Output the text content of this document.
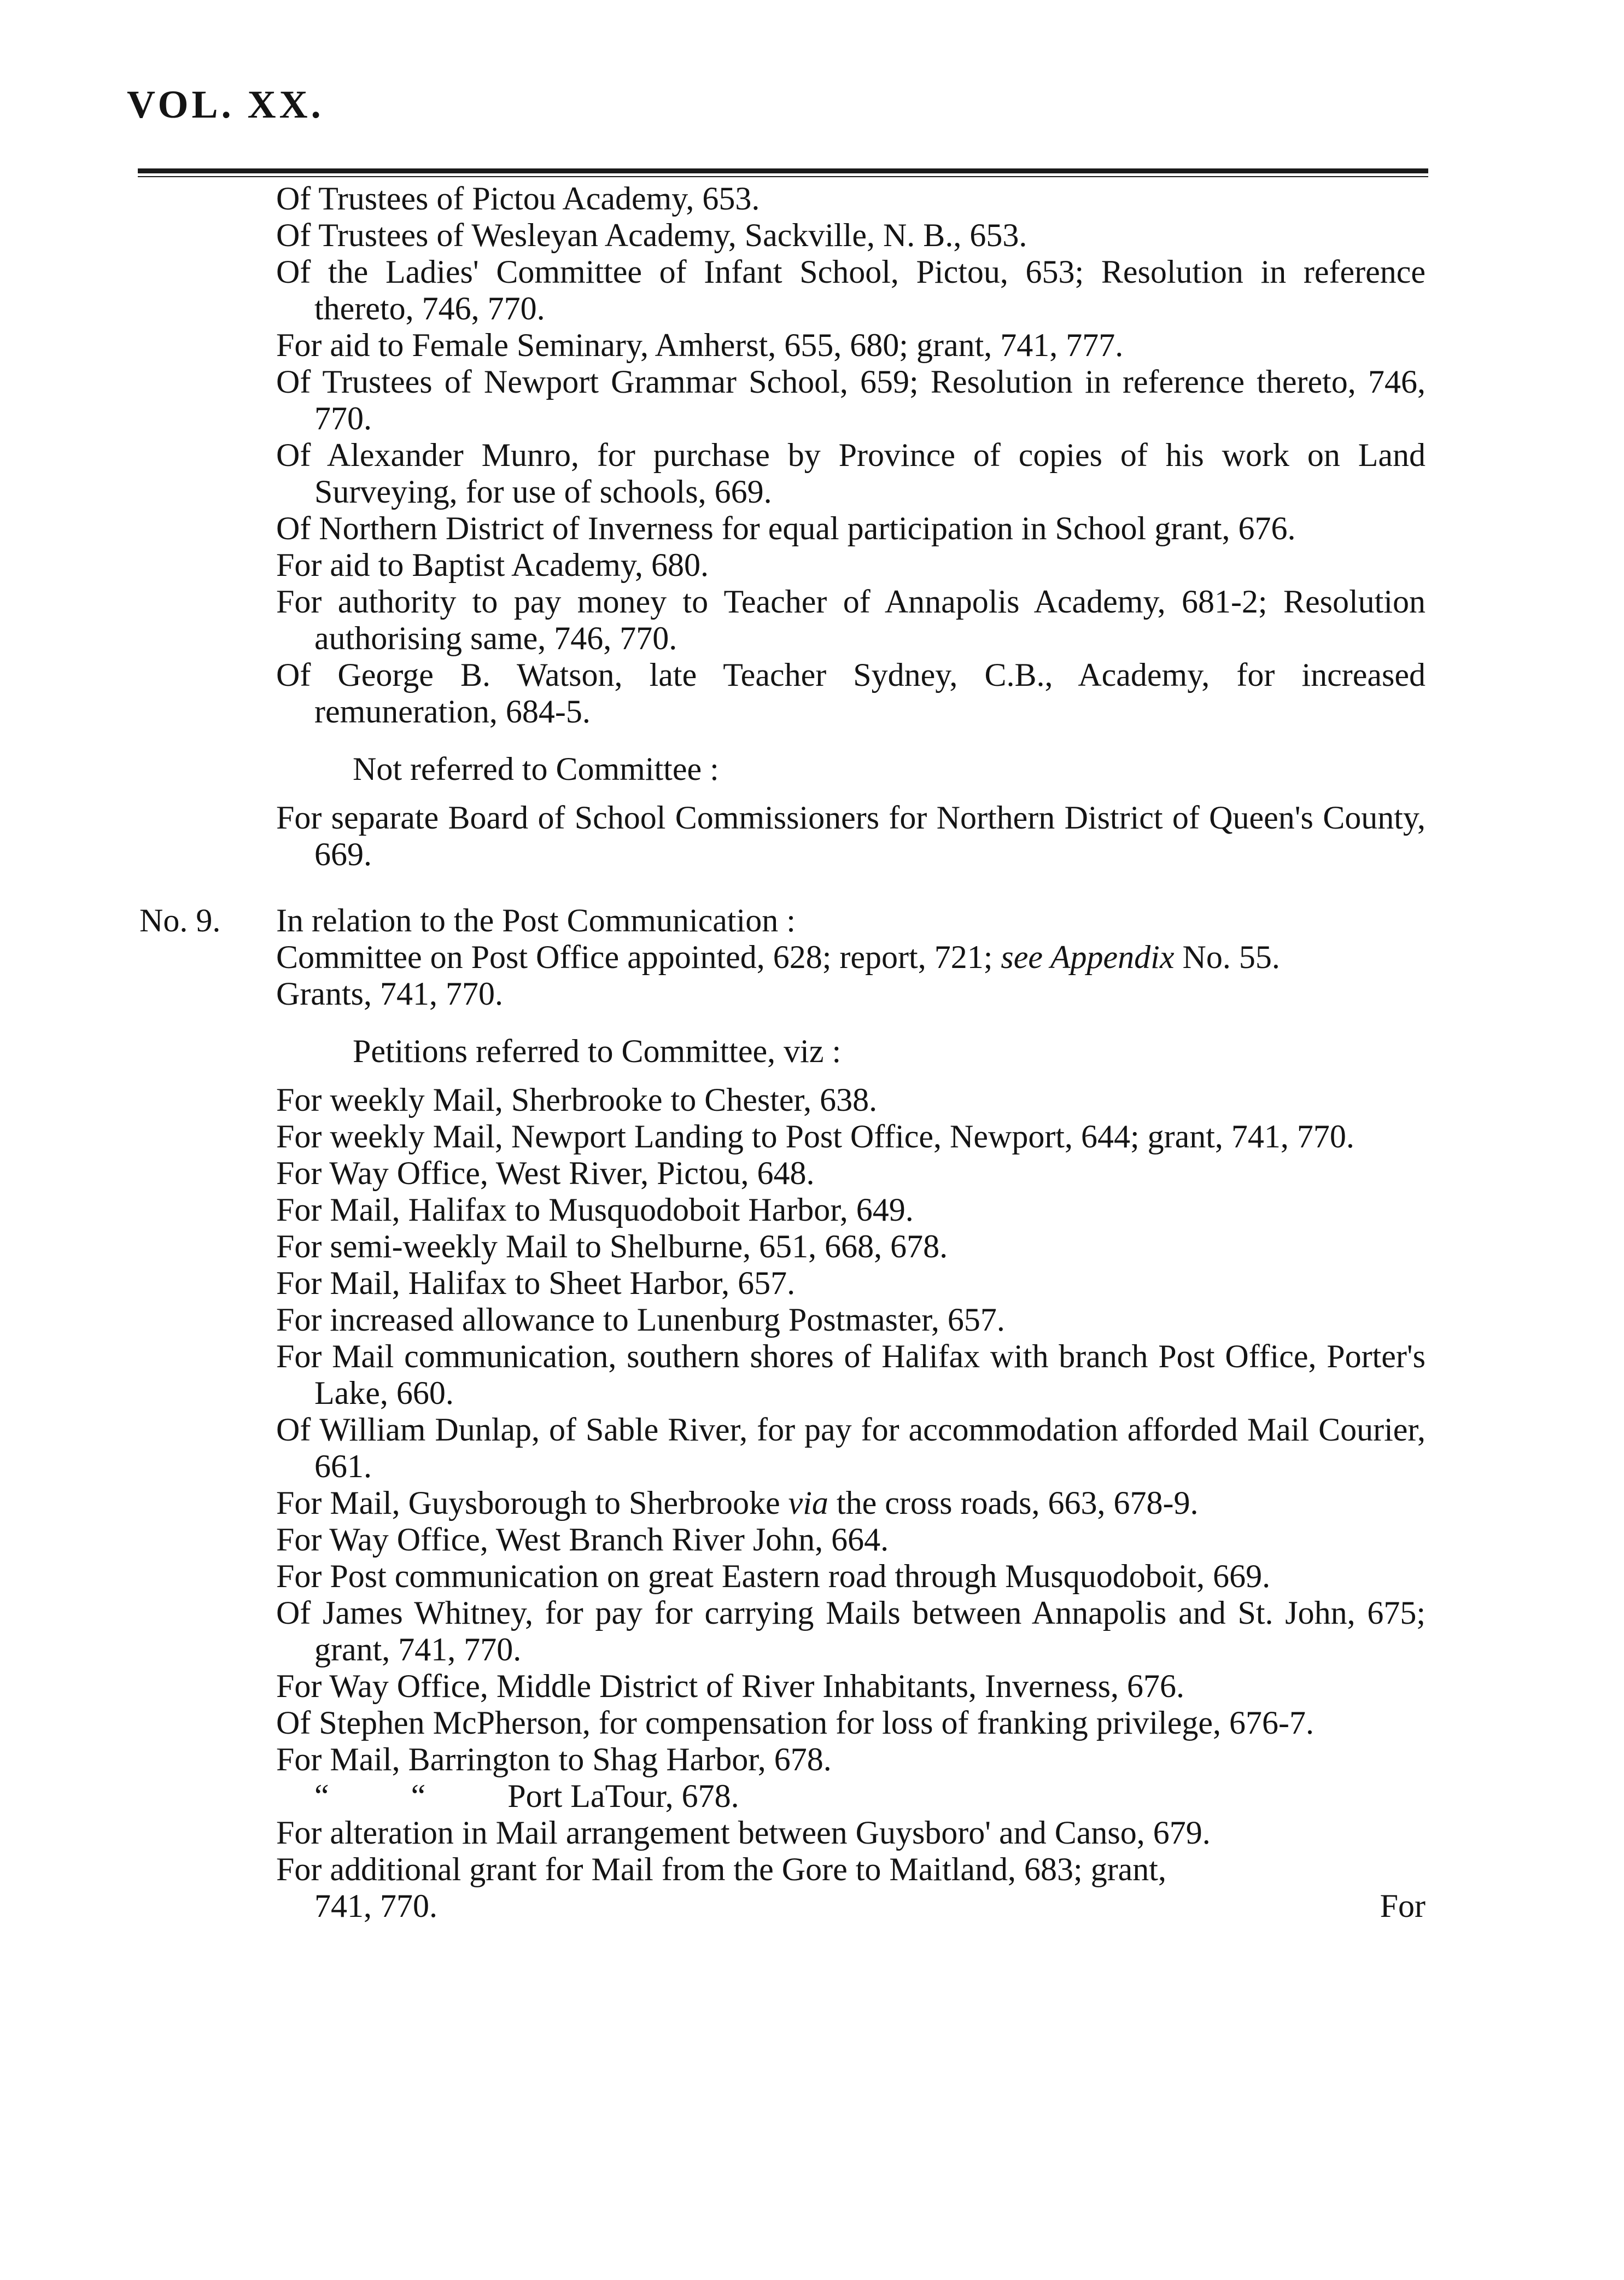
VOL. XX.
Of Trustees of Pictou Academy, 653.
Of Trustees of Wesleyan Academy, Sackville, N. B., 653.
Of the Ladies' Committee of Infant School, Pictou, 653; Resolution in reference thereto, 746, 770.
For aid to Female Seminary, Amherst, 655, 680; grant, 741, 777.
Of Trustees of Newport Grammar School, 659; Resolution in reference thereto, 746, 770.
Of Alexander Munro, for purchase by Province of copies of his work on Land Surveying, for use of schools, 669.
Of Northern District of Inverness for equal participation in School grant, 676.
For aid to Baptist Academy, 680.
For authority to pay money to Teacher of Annapolis Academy, 681-2; Resolution authorising same, 746, 770.
Of George B. Watson, late Teacher Sydney, C.B., Academy, for increased remuneration, 684-5.
Not referred to Committee :
For separate Board of School Commissioners for Northern District of Queen's County, 669.
No. 9. In relation to the Post Communication :
Committee on Post Office appointed, 628; report, 721; see Appendix No. 55.
Grants, 741, 770.
Petitions referred to Committee, viz :
For weekly Mail, Sherbrooke to Chester, 638.
For weekly Mail, Newport Landing to Post Office, Newport, 644; grant, 741, 770.
For Way Office, West River, Pictou, 648.
For Mail, Halifax to Musquodoboit Harbor, 649.
For semi-weekly Mail to Shelburne, 651, 668, 678.
For Mail, Halifax to Sheet Harbor, 657.
For increased allowance to Lunenburg Postmaster, 657.
For Mail communication, southern shores of Halifax with branch Post Office, Porter's Lake, 660.
Of William Dunlap, of Sable River, for pay for accommodation afforded Mail Courier, 661.
For Mail, Guysborough to Sherbrooke via the cross roads, 663, 678-9.
For Way Office, West Branch River John, 664.
For Post communication on great Eastern road through Musquodoboit, 669.
Of James Whitney, for pay for carrying Mails between Annapolis and St. John, 675; grant, 741, 770.
For Way Office, Middle District of River Inhabitants, Inverness, 676.
Of Stephen McPherson, for compensation for loss of franking privilege, 676-7.
For Mail, Barrington to Shag Harbor, 678.
“          “          Port LaTour, 678.
For alteration in Mail arrangement between Guysboro' and Canso, 679.
For additional grant for Mail from the Gore to Maitland, 683; grant,
741, 770.	For
